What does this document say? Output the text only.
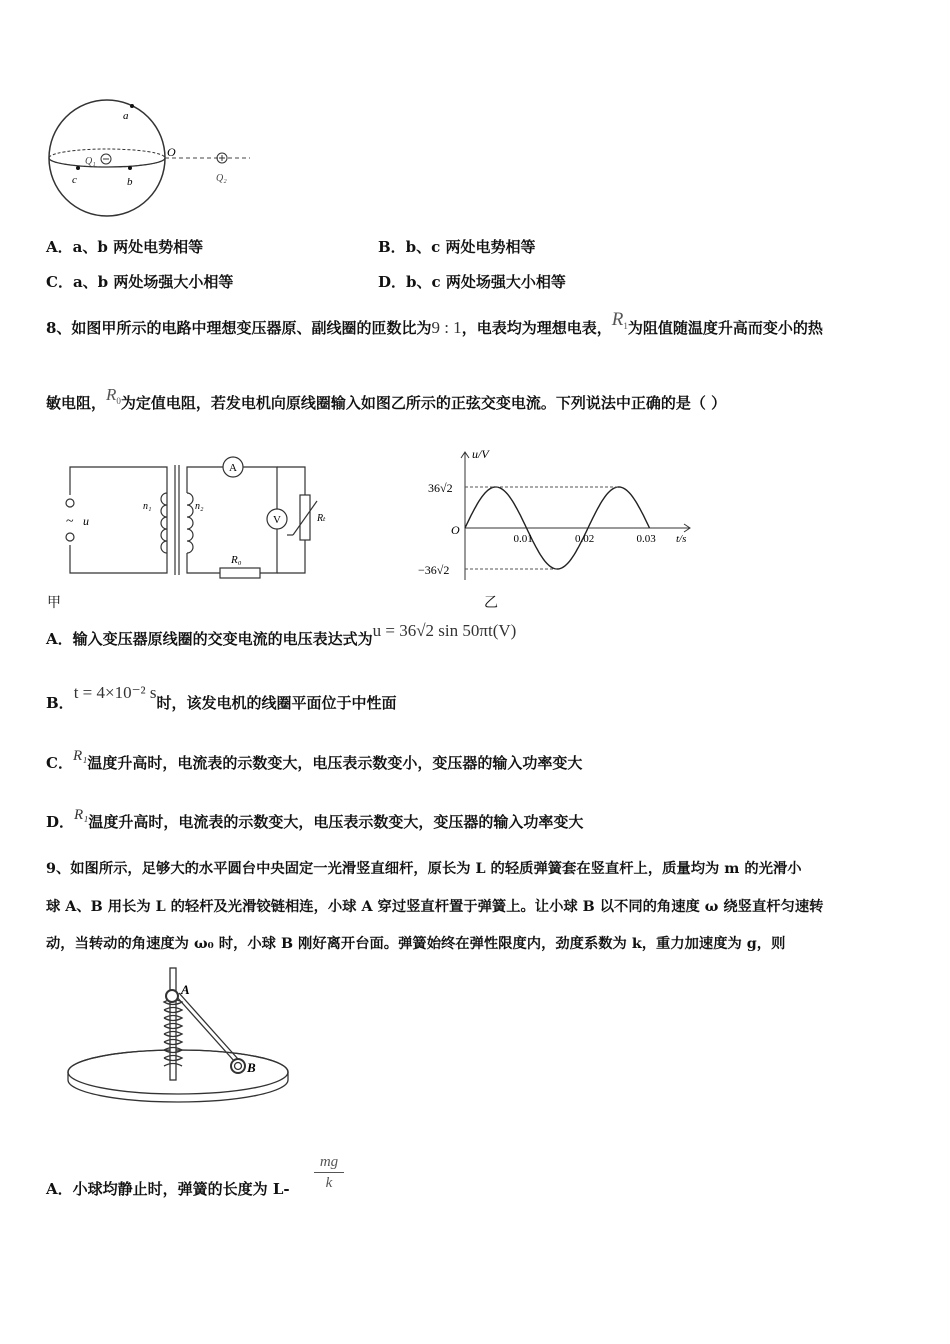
a
c	b
Q₁
O
Q₂
A．a、b 两处电势相等	B．b、c 两处电势相等
C．a、b 两处场强大小相等	D．b、c 两处场强大小相等
8、如图甲所示的电路中理想变压器原、副线圈的匝数比为9 : 1，电表均为理想电表，$R_1$为阻值随温度升高而变小的热
敏电阻，$R_0$为定值电阻，若发电机向原线圈输入如图乙所示的正弦交变电流。下列说法中正确的是（ ）
~ u
n₁	n₂
A
V
R₀
Rₜ
甲
36√2
−36√2
0.01	0.02	0.03
u/V
t/s
O
乙
A．输入变压器原线圈的交变电流的电压表达式为u = 36√2 sin 50πt(V)
B．t = 4×10⁻² s时，该发电机的线圈平面位于中性面
C．R₁温度升高时，电流表的示数变大，电压表示数变小，变压器的输入功率变大
D．R₁温度升高时，电流表的示数变大，电压表示数变大，变压器的输入功率变大
9、如图所示，足够大的水平圆台中央固定一光滑竖直细杆，原长为 L 的轻质弹簧套在竖直杆上，质量均为 m 的光滑小
球 A、B 用长为 L 的轻杆及光滑铰链相连，小球 A 穿过竖直杆置于弹簧上。让小球 B 以不同的角速度 ω 绕竖直杆匀速转
动，当转动的角速度为 ω₀ 时，小球 B 刚好离开台面。弹簧始终在弹性限度内，劲度系数为 k，重力加速度为 g，则
A
B
A．小球均静止时，弹簧的长度为 $L- \frac{mg}{k}$
